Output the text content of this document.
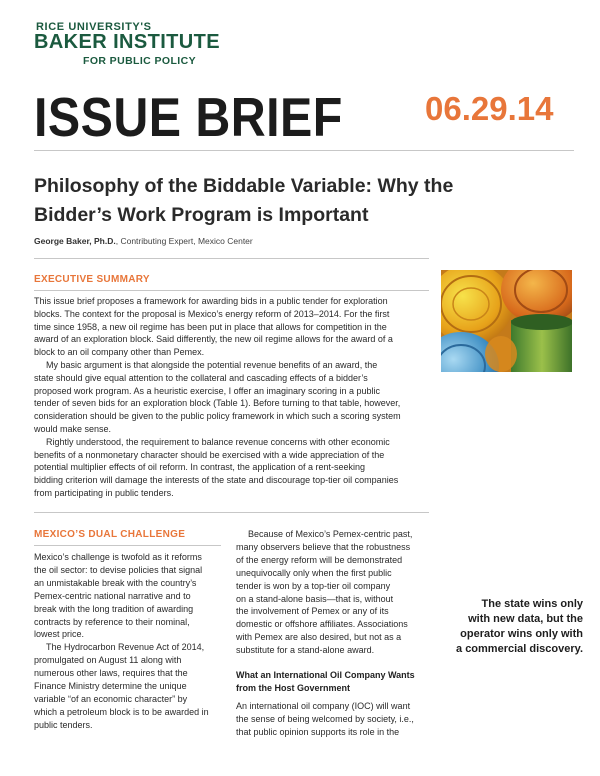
RICE UNIVERSITY'S
BAKER INSTITUTE
FOR PUBLIC POLICY
ISSUE BRIEF 06.29.14
Philosophy of the Biddable Variable: Why the
Bidder’s Work Program is Important
George Baker, Ph.D., Contributing Expert, Mexico Center
EXECUTIVE SUMMARY
This issue brief proposes a framework for awarding bids in a public tender for exploration
blocks. The context for the proposal is Mexico’s energy reform of 2013–2014. For the first
time since 1958, a new oil regime has been put in place that allows for competition in the
award of an exploration block. Said differently, the new oil regime allows for the award of a
block to an oil company other than Pemex.
My basic argument is that alongside the potential revenue benefits of an award, the
state should give equal attention to the collateral and cascading effects of a bidder’s
proposed work program. As a heuristic exercise, I offer an imaginary scoring in a public
tender of seven bids for an exploration block (Table 1). Before turning to that table, however,
consideration should be given to the public policy framework in which such a scoring system
would make sense.
Rightly understood, the requirement to balance revenue concerns with other economic
benefits of a nonmonetary character should be exercised with a wide appreciation of the
potential multiplier effects of oil reform. In contrast, the application of a rent-seeking
bidding criterion will damage the interests of the state and discourage top-tier oil companies
from participating in public tenders.
MEXICO’S DUAL CHALLENGE
Mexico’s challenge is twofold as it reforms
the oil sector: to devise policies that signal
an unmistakable break with the country’s
Pemex-centric national narrative and to
break with the long tradition of awarding
contracts by reference to their nominal,
lowest price.
The Hydrocarbon Revenue Act of 2014,
promulgated on August 11 along with
numerous other laws, requires that the
Finance Ministry determine the unique
variable “of an economic character” by
which a petroleum block is to be awarded in
public tenders.
Because of Mexico’s Pemex-centric past,
many observers believe that the robustness
of the energy reform will be demonstrated
unequivocally only when the first public
tender is won by a top-tier oil company
on a stand-alone basis—that is, without
the involvement of Pemex or any of its
domestic or offshore affiliates. Associations
with Pemex are also desired, but not as a
substitute for a stand-alone award.
What an International Oil Company Wants
from the Host Government
An international oil company (IOC) will want
the sense of being welcomed by society, i.e.,
that public opinion supports its role in the
The state wins only
with new data, but the
operator wins only with
a commercial discovery.
